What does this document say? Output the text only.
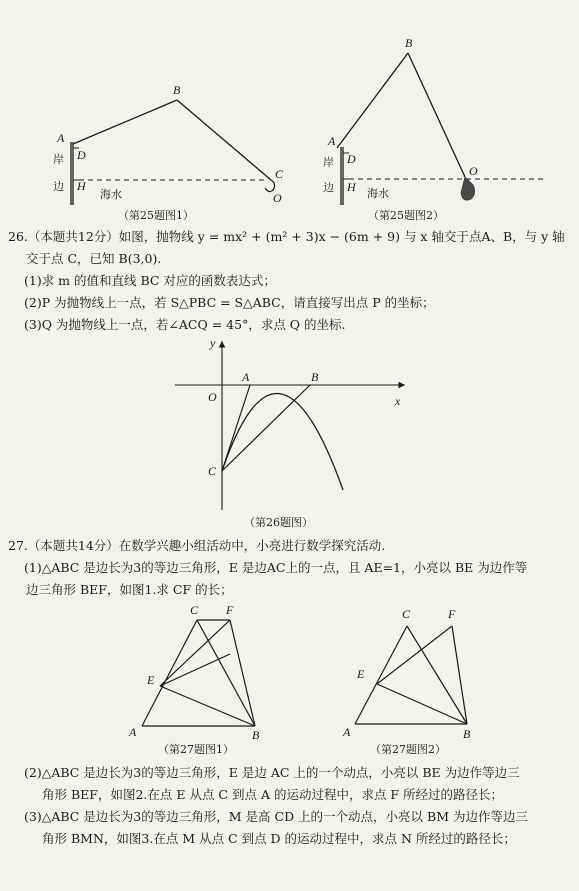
A
B
C
D
H
O
岸
边
海水
（第25题图1）
A
B
D
H
O
岸
边	海水
（第25题图2）
26.（本题共12分）如图，抛物线 y = mx² + (m² + 3)x − (6m + 9) 与 x 轴交于点A、B，与 y 轴
交于点 C，已知 B(3,0).
(1)求 m 的值和直线 BC 对应的函数表达式；
(2)P 为抛物线上一点，若 S△PBC = S△ABC，请直接写出点 P 的坐标；
(3)Q 为抛物线上一点，若∠ACQ = 45°，求点 Q 的坐标.
y
x
O
A	B
C
（第26题图）
27.（本题共14分）在数学兴趣小组活动中，小亮进行数学探究活动.
(1)△ABC 是边长为3的等边三角形，E 是边AC上的一点，且 AE=1，小亮以 BE 为边作等
边三角形 BEF，如图1.求 CF 的长；
C F
E
A	B
（第27题图1）
C	F
E
A	B
（第27题图2）
(2)△ABC 是边长为3的等边三角形，E 是边 AC 上的一个动点，小亮以 BE 为边作等边三
角形 BEF，如图2.在点 E 从点 C 到点 A 的运动过程中，求点 F 所经过的路径长；
(3)△ABC 是边长为3的等边三角形，M 是高 CD 上的一个动点，小亮以 BM 为边作等边三
角形 BMN，如图3.在点 M 从点 C 到点 D 的运动过程中，求点 N 所经过的路径长；
